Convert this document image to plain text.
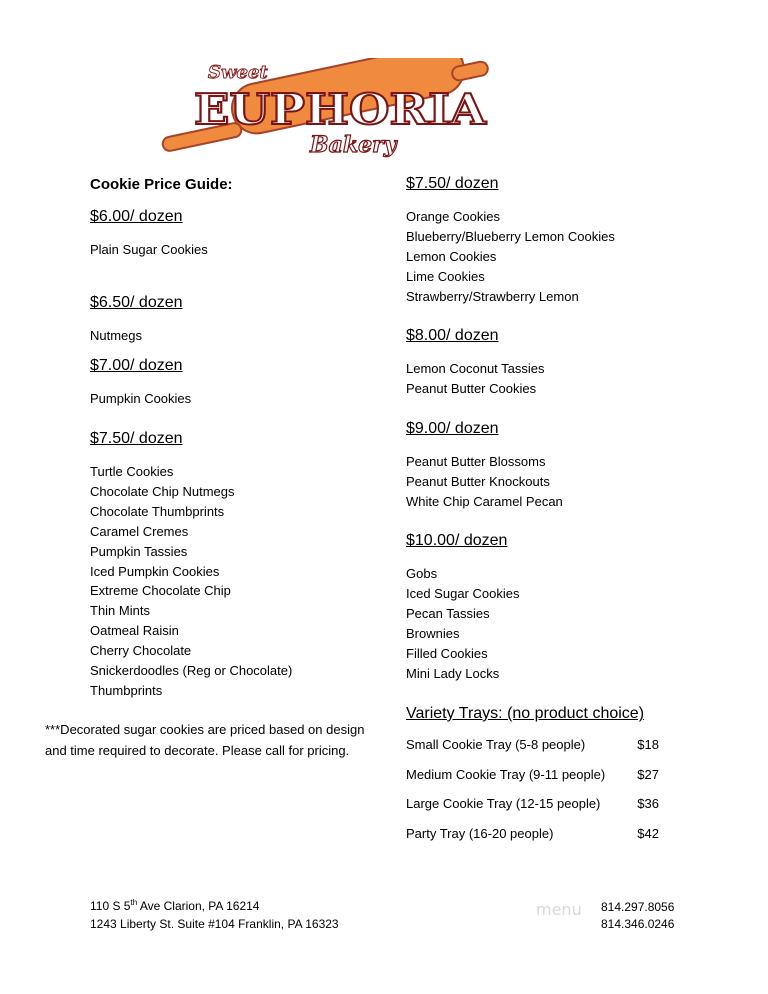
Sweet
EUPHORIA
Bakery
Cookie Price Guide:
$6.00/ dozen
Plain Sugar Cookies
$6.50/ dozen
Nutmegs
$7.00/ dozen
Pumpkin Cookies
$7.50/ dozen
Turtle Cookies
Chocolate Chip Nutmegs
Chocolate Thumbprints
Caramel Cremes
Pumpkin Tassies
Iced Pumpkin Cookies
Extreme Chocolate Chip
Thin Mints
Oatmeal Raisin
Cherry Chocolate
Snickerdoodles (Reg or Chocolate)
Thumbprints
***Decorated sugar cookies are priced based on design and time required to decorate. Please call for pricing.
$7.50/ dozen
Orange Cookies
Blueberry/Blueberry Lemon Cookies
Lemon Cookies
Lime Cookies
Strawberry/Strawberry Lemon
$8.00/ dozen
Lemon Coconut Tassies
Peanut Butter Cookies
$9.00/ dozen
Peanut Butter Blossoms
Peanut Butter Knockouts
White Chip Caramel Pecan
$10.00/ dozen
Gobs
Iced Sugar Cookies
Pecan Tassies
Brownies
Filled Cookies
Mini Lady Locks
Variety Trays: (no product choice)
Small Cookie Tray (5-8 people)	$18
Medium Cookie Tray (9-11 people) $27
Large Cookie Tray (12-15 people)	$36
Party Tray (16-20 people)	$42
110 S 5th Ave Clarion, PA 16214
1243 Liberty St. Suite #104 Franklin, PA 16323
menu 814.297.8056
814.346.0246
